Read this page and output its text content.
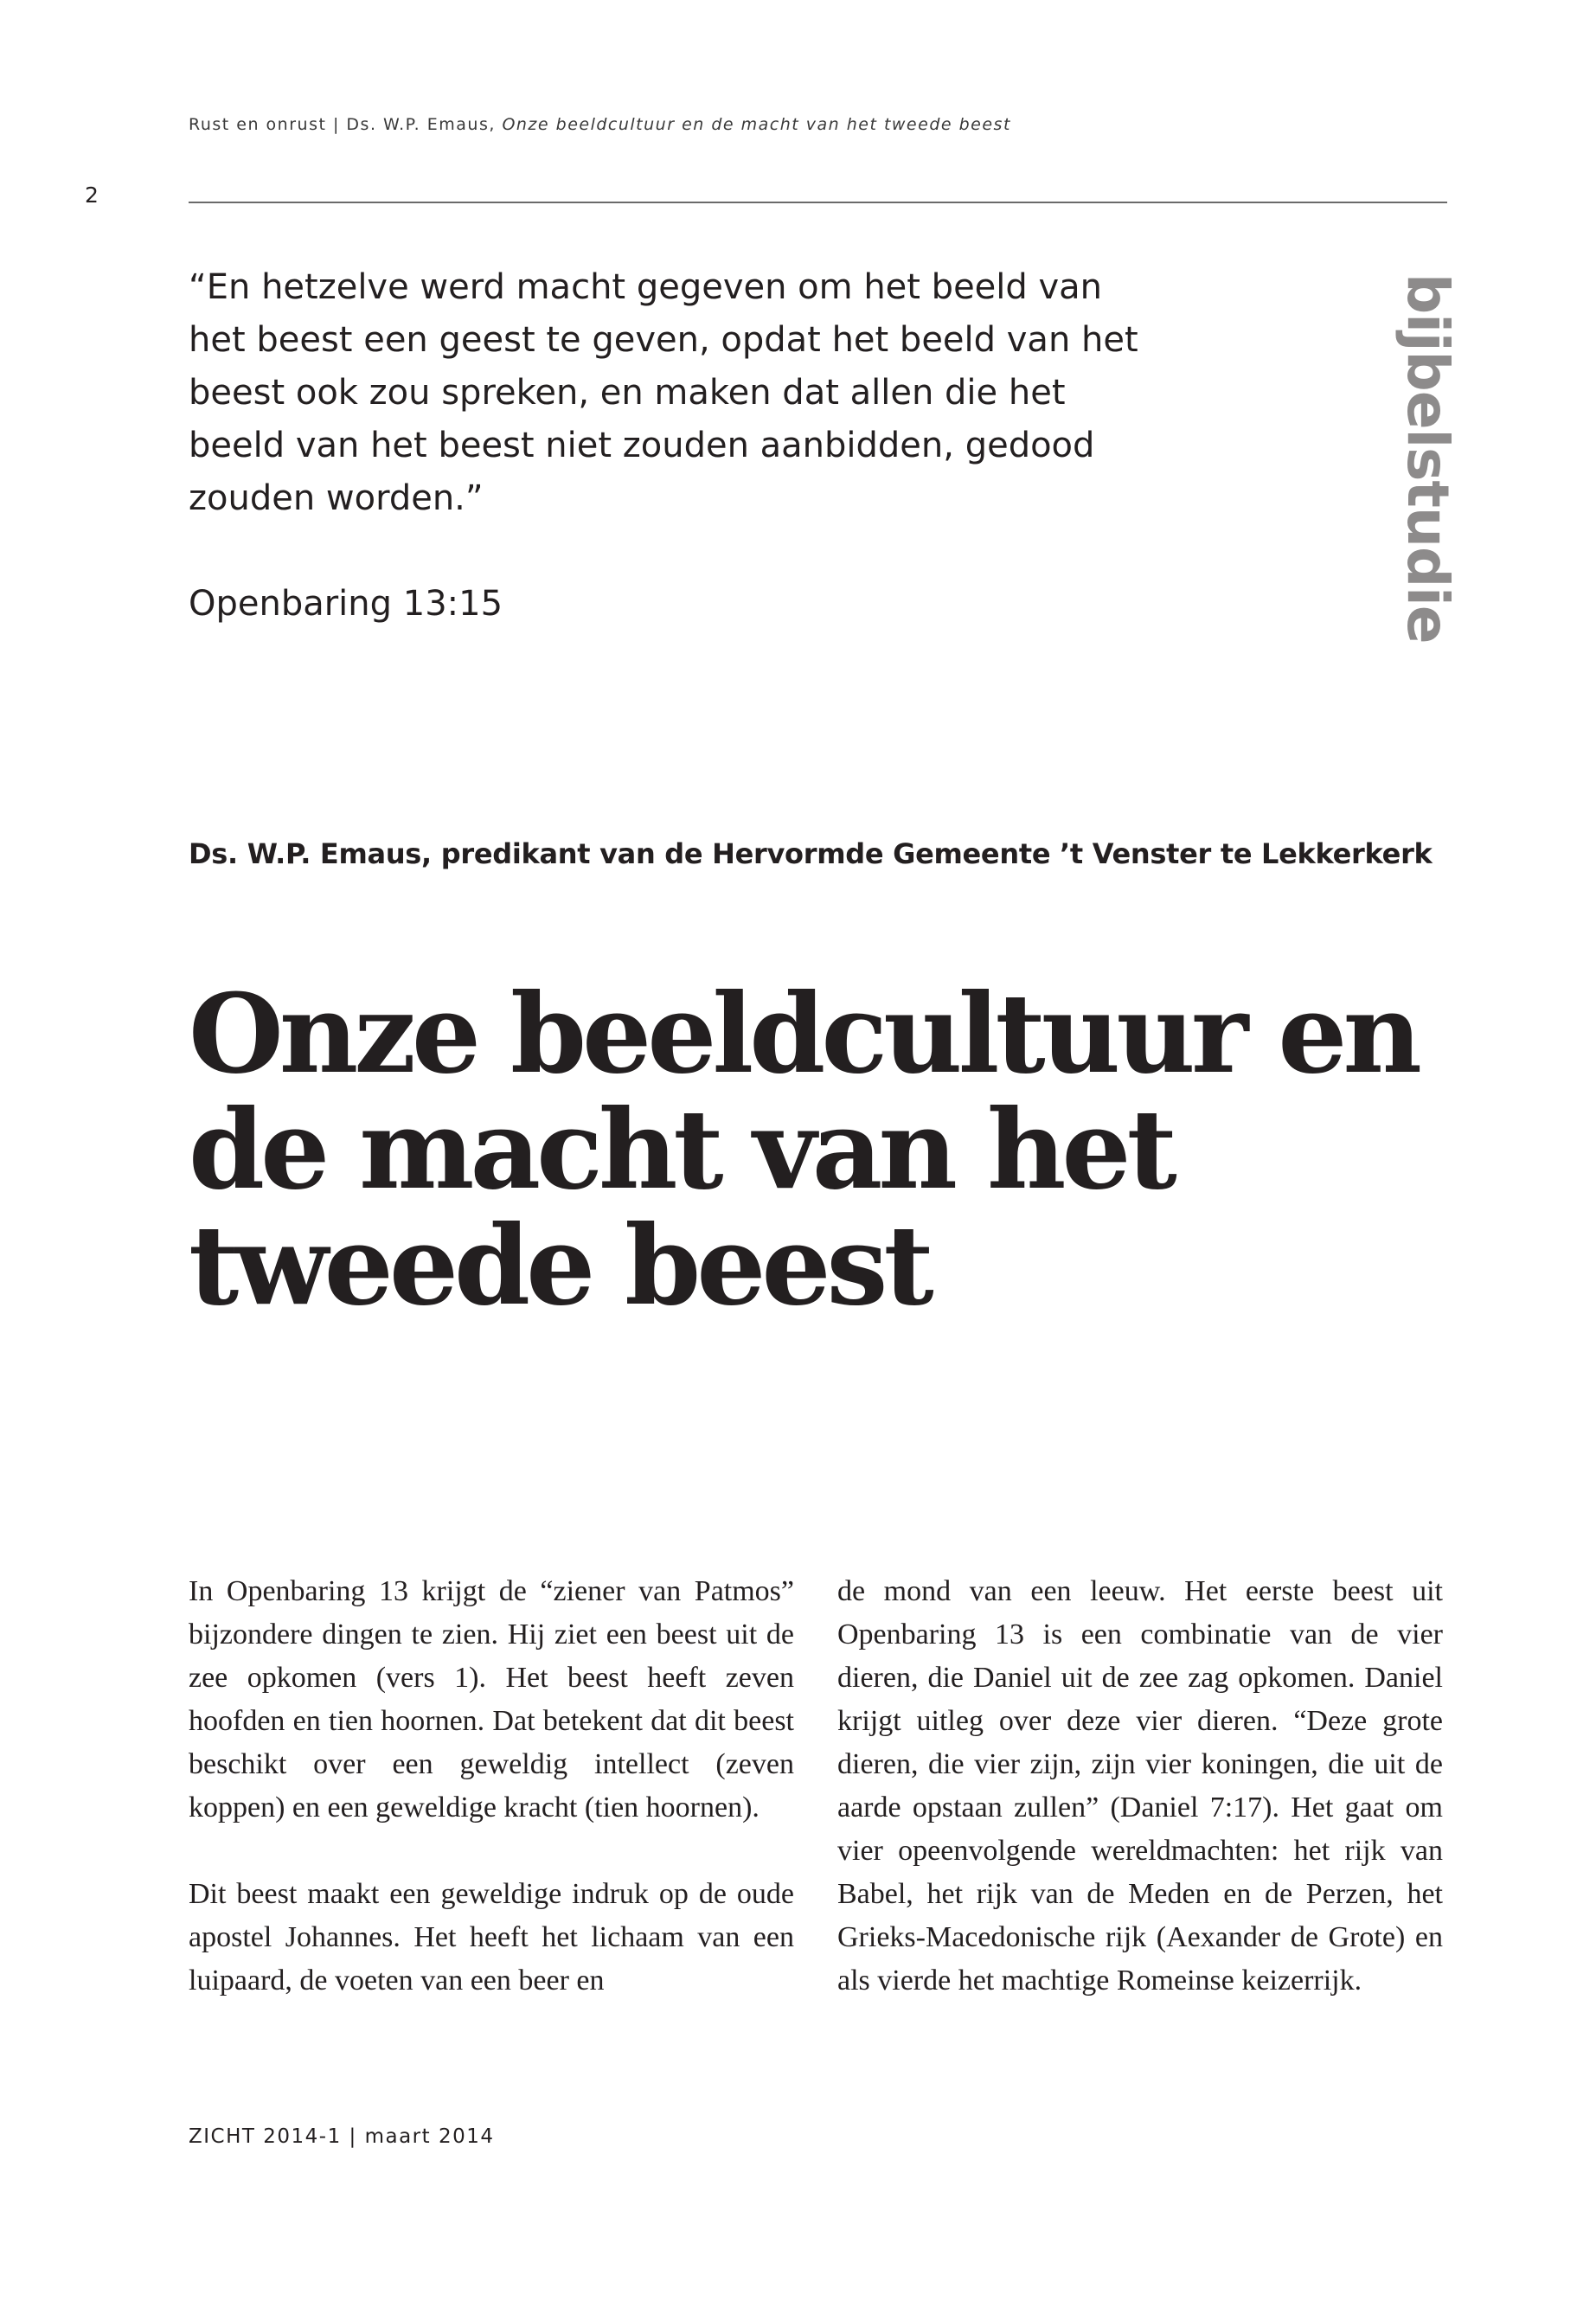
Rust en onrust | Ds. W.P. Emaus, Onze beeldcultuur en de macht van het tweede beest
2

“En hetzelve werd macht gegeven om het beeld van het beest een geest te geven, opdat het beeld van het beest ook zou spreken, en maken dat allen die het beeld van het beest niet zouden aanbidden, gedood zouden worden.”

Openbaring 13:15	bijbelstudie
Ds. W.P. Emaus, predikant van de Hervormde Gemeente ’t Venster te Lekkerkerk
Onze beeldcultuur en
de macht van het
tweede beest

In Openbaring 13 krijgt de “ziener van Patmos” bijzondere dingen te zien. Hij ziet een beest uit de zee opkomen (vers 1). Het beest heeft zeven hoofden en tien hoornen. Dat betekent dat dit beest beschikt over een geweldig intellect (zeven koppen) en een geweldige kracht (tien hoornen).

Dit beest maakt een geweldige indruk op de oude apostel Johannes. Het heeft het lichaam van een luipaard, de voeten van een beer en

de mond van een leeuw. Het eerste beest uit Openbaring 13 is een combinatie van de vier dieren, die Daniel uit de zee zag opkomen. Daniel krijgt uitleg over deze vier dieren. “Deze grote dieren, die vier zijn, zijn vier koningen, die uit de aarde opstaan zullen” (Daniel 7:17). Het gaat om vier opeenvolgende wereldmachten: het rijk van Babel, het rijk van de Meden en de Perzen, het Grieks-Macedonische rijk (Aexander de Grote) en als vierde het machtige Romeinse keizerrijk.

ZICHT 2014-1 | maart 2014
